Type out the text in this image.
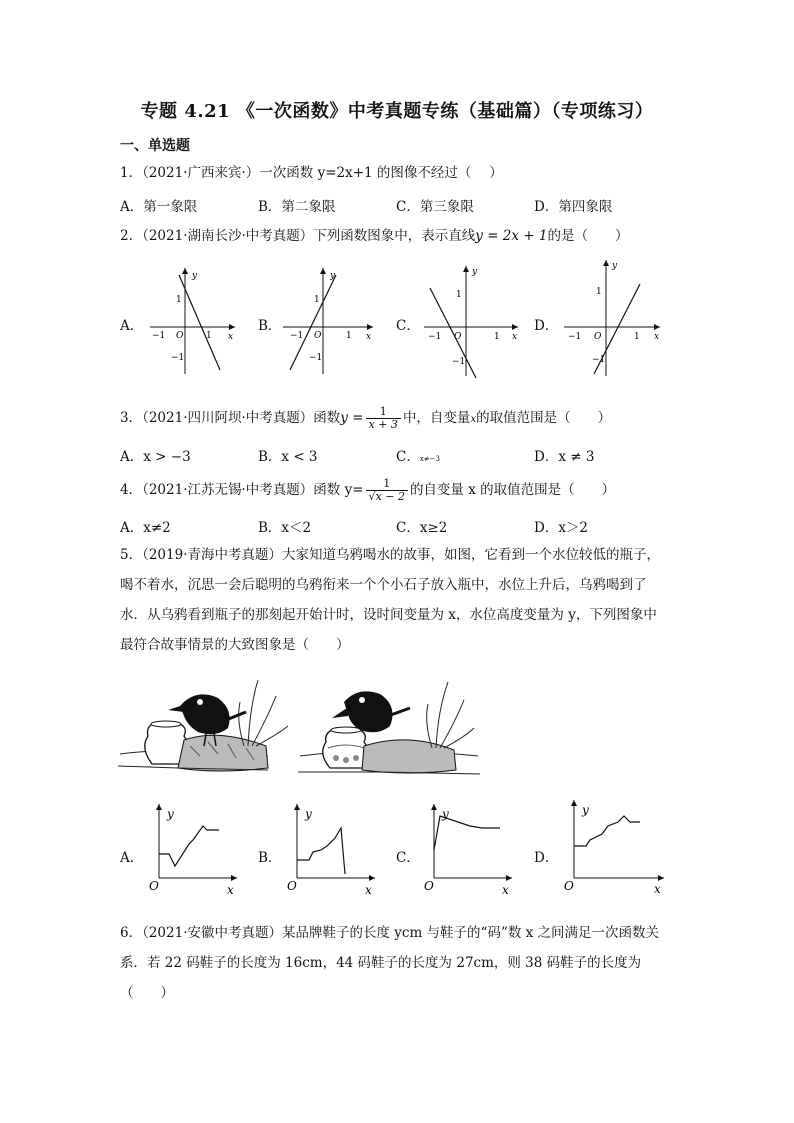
专题 4.21 《一次函数》中考真题专练（基础篇）（专项练习）
一、单选题
1．（2021·广西来宾·）一次函数 y=2x+1 的图像不经过（　 ）
A．第一象限	B．第二象限	C．第三象限	D．第四象限
2．（2021·湖南长沙·中考真题）下列函数图象中，表示直线y = 2x + 1的是（　　）
A．	B．	C．	D．
y
x
O
−1	1
1
−1
y
x
O
−1	1
1
−1
y
x
O
−1	1
1
−1
y
x
O
−1	1
1
−1
3．（2021·四川阿坝·中考真题）函数$y = \frac{1}{x + 3}$ 中，自变量x的取值范围是（　　）
A．x > −3	B．x < 3	C．x≠−3	D．x ≠ 3
4．（2021·江苏无锡·中考真题）函数 $y= \frac{1}{√x - 2}$ 的自变量 x 的取值范围是（　　）
A．x≠2	B．x＜2	C．x≥2	D．x＞2
5．（2019·青海中考真题）大家知道乌鸦喝水的故事，如图，它看到一个水位较低的瓶子，
喝不着水，沉思一会后聪明的乌鸦衔来一个个小石子放入瓶中，水位上升后，乌鸦喝到了
水．从乌鸦看到瓶子的那刻起开始计时，设时间变量为 x，水位高度变量为 y，下列图象中
最符合故事情景的大致图象是（　　）
A．	B．	C．	D．
y
x
O
y
x
O
y
x
O
y
x
O
6．（2021·安徽中考真题）某品牌鞋子的长度 ycm 与鞋子的“码”数 x 之间满足一次函数关
系．若 22 码鞋子的长度为 16cm，44 码鞋子的长度为 27cm，则 38 码鞋子的长度为
（　　）
